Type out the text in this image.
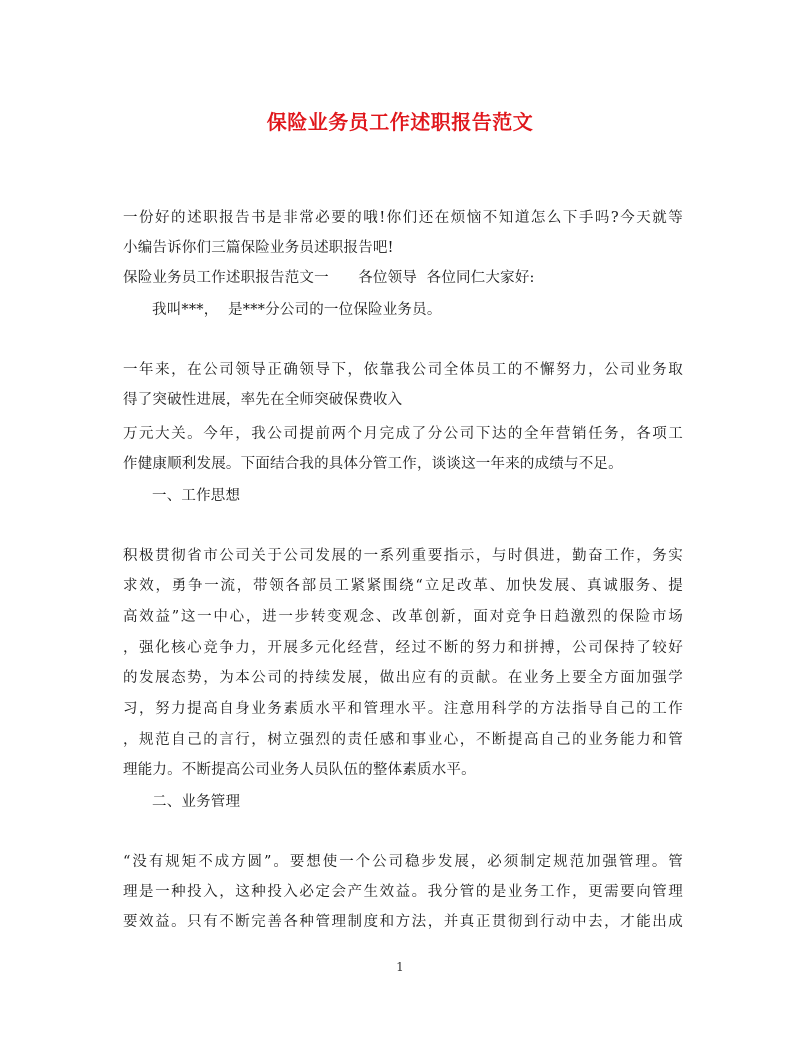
保险业务员工作述职报告范文
一份好的述职报告书是非常必要的哦!你们还在烦恼不知道怎么下手吗?今天就等
小编告诉你们三篇保险业务员述职报告吧!
保险业务员工作述职报告范文一　　各位领导  各位同仁大家好:
我叫***，  是***分公司的一位保险业务员。
一年来，在公司领导正确领导下，依靠我公司全体员工的不懈努力，公司业务取
得了突破性进展，率先在全师突破保费收入
万元大关。今年，我公司提前两个月完成了分公司下达的全年营销任务，各项工
作健康顺利发展。下面结合我的具体分管工作，谈谈这一年来的成绩与不足。
一、工作思想
积极贯彻省市公司关于公司发展的一系列重要指示，与时俱进，勤奋工作，务实
求效，勇争一流，带领各部员工紧紧围绕“立足改革、加快发展、真诚服务、提
高效益”这一中心，进一步转变观念、改革创新，面对竞争日趋激烈的保险市场
，强化核心竞争力，开展多元化经营，经过不断的努力和拼搏，公司保持了较好
的发展态势，为本公司的持续发展，做出应有的贡献。在业务上要全方面加强学
习，努力提高自身业务素质水平和管理水平。注意用科学的方法指导自己的工作
，规范自己的言行，树立强烈的责任感和事业心，不断提高自己的业务能力和管
理能力。不断提高公司业务人员队伍的整体素质水平。
二、业务管理
“没有规矩不成方圆”。要想使一个公司稳步发展，必须制定规范加强管理。管
理是一种投入，这种投入必定会产生效益。我分管的是业务工作，更需要向管理
要效益。只有不断完善各种管理制度和方法，并真正贯彻到行动中去，才能出成
1
